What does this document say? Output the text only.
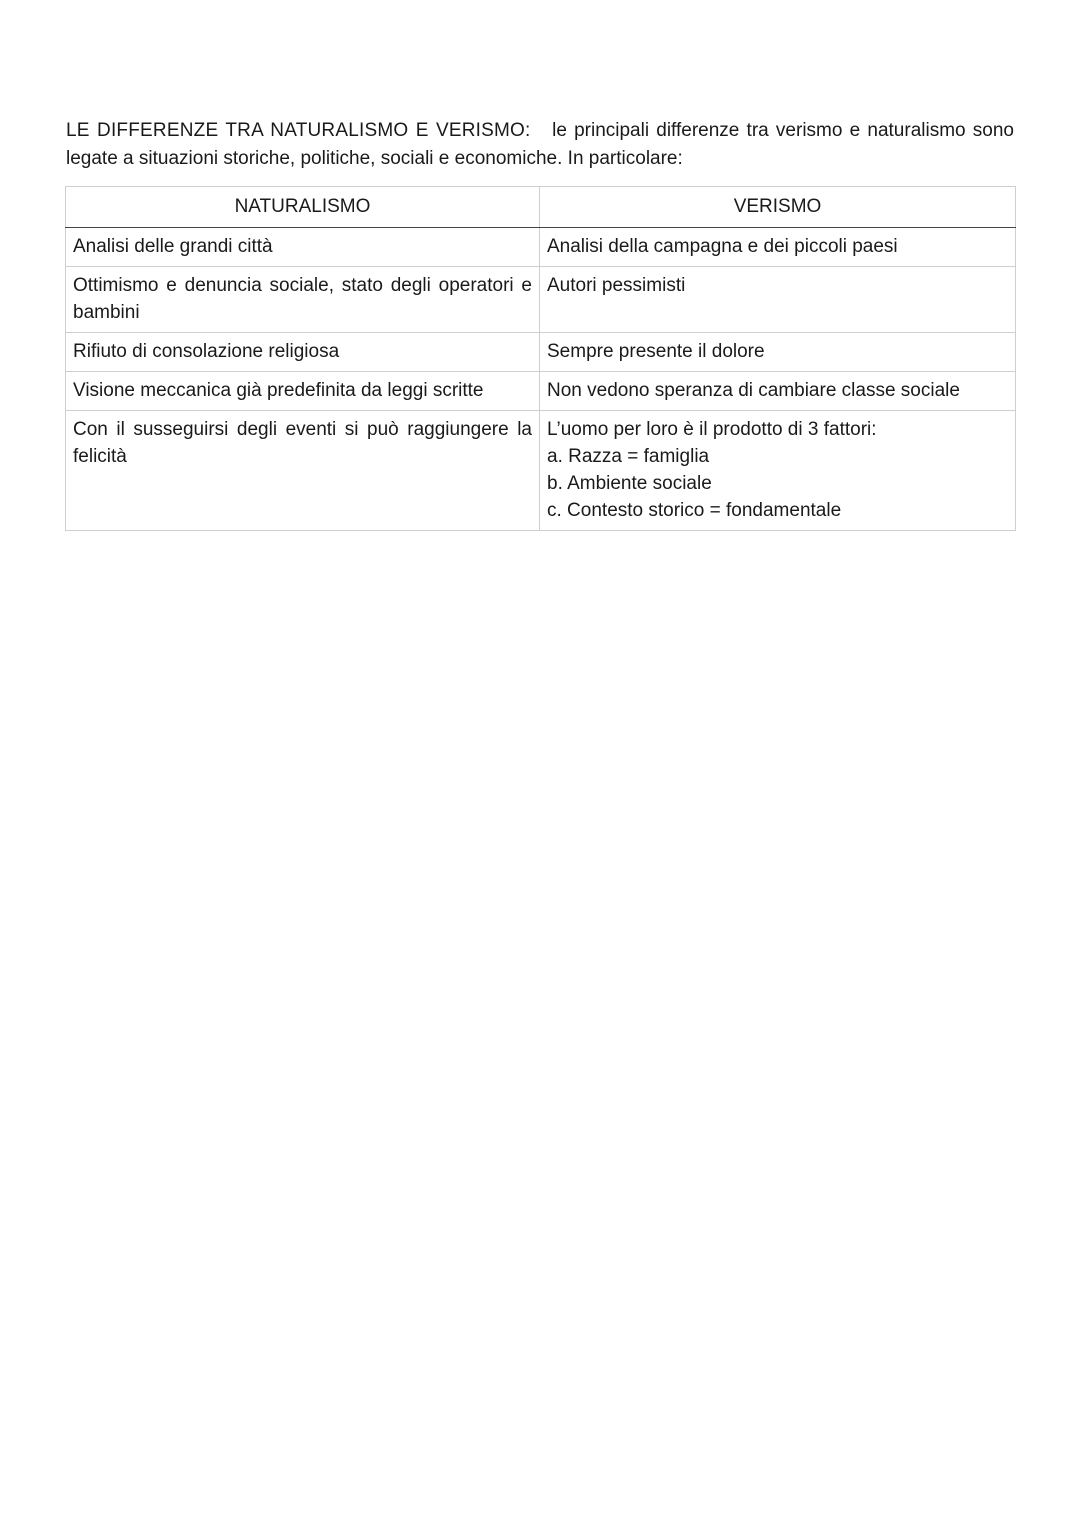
LE DIFFERENZE TRA NATURALISMO E VERISMO: le principali differenze tra verismo e naturalismo sono legate a situazioni storiche, politiche, sociali e economiche. In particolare:

NATURALISMO	VERISMO
Analisi delle grandi città	Analisi della campagna e dei piccoli paesi
Ottimismo e denuncia sociale, stato degli operatori e bambini	Autori pessimisti
Rifiuto di consolazione religiosa	Sempre presente il dolore
Visione meccanica già predefinita da leggi scritte	Non vedono speranza di cambiare classe sociale
Con il susseguirsi degli eventi si può raggiungere la felicità	L’uomo per loro è il prodotto di 3 fattori:
a. Razza = famiglia
b. Ambiente sociale
c. Contesto storico = fondamentale
